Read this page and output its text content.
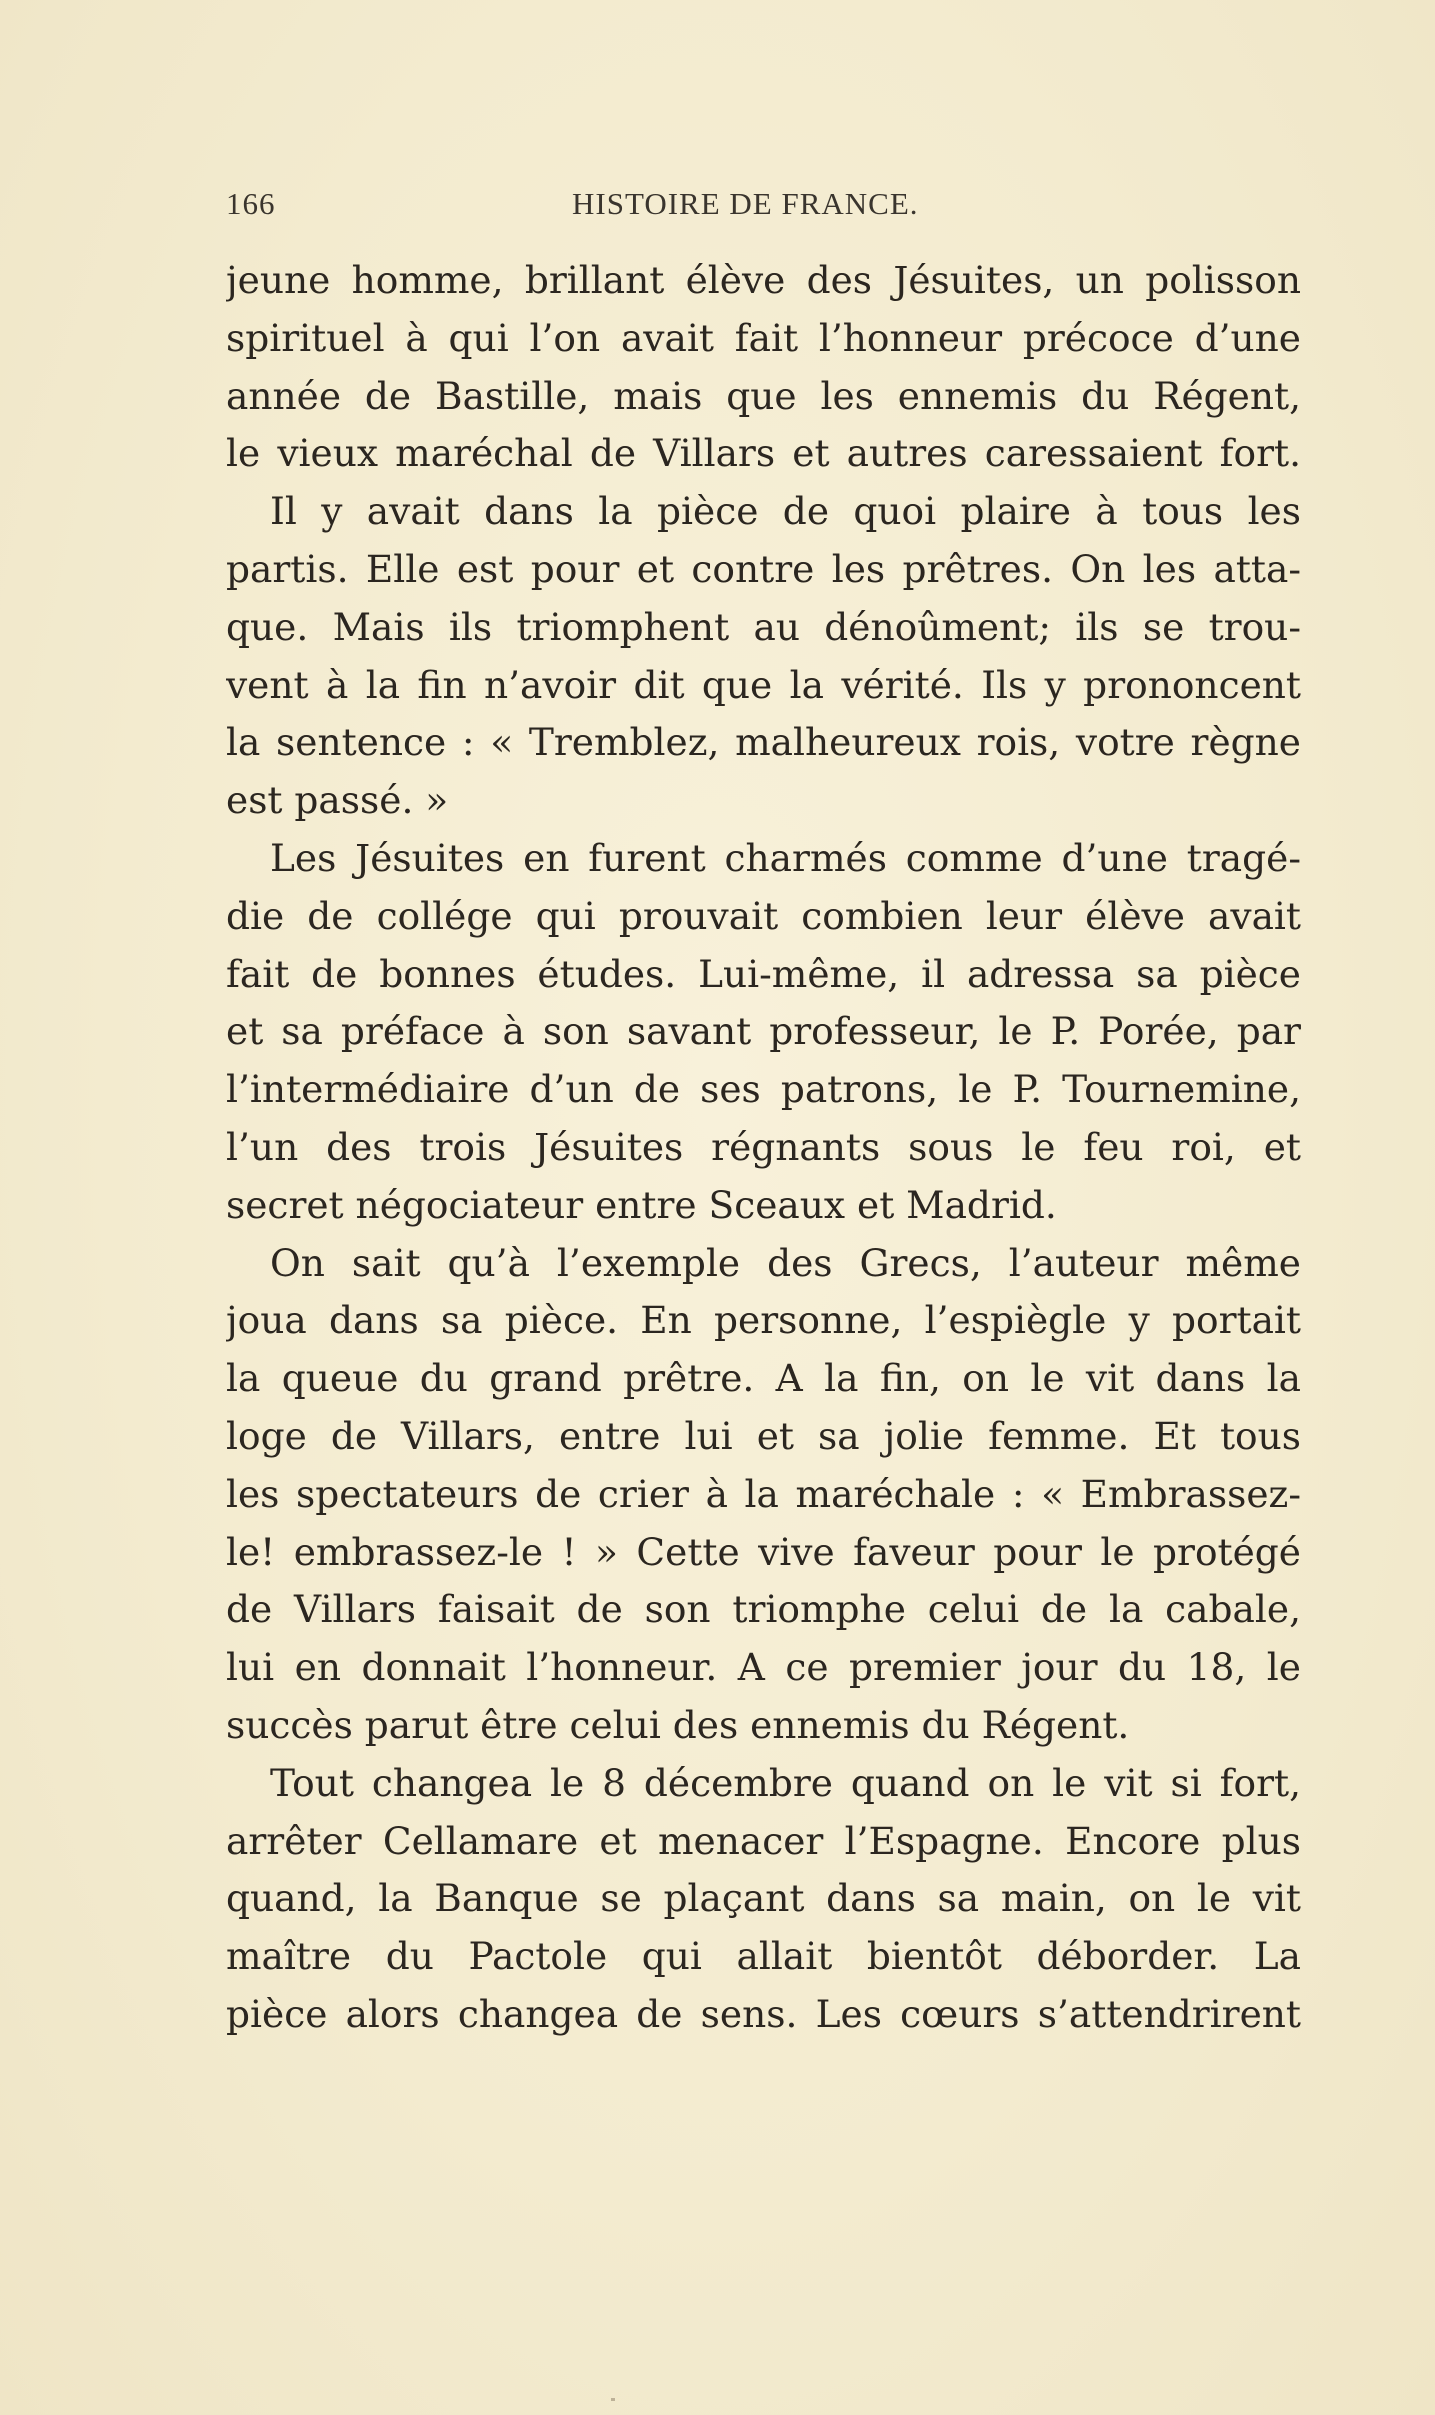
166	HISTOIRE DE FRANCE.
jeune homme, brillant élève des Jésuites, un polisson
spirituel à qui l’on avait fait l’honneur précoce d’une
année de Bastille, mais que les ennemis du Régent,
le vieux maréchal de Villars et autres caressaient fort.
Il y avait dans la pièce de quoi plaire à tous les
partis. Elle est pour et contre les prêtres. On les atta-
que. Mais ils triomphent au dénoûment; ils se trou-
vent à la fin n’avoir dit que la vérité. Ils y prononcent
la sentence : « Tremblez, malheureux rois, votre règne
est passé. »
Les Jésuites en furent charmés comme d’une tragé-
die de collége qui prouvait combien leur élève avait
fait de bonnes études. Lui-même, il adressa sa pièce
et sa préface à son savant professeur, le P. Porée, par
l’intermédiaire d’un de ses patrons, le P. Tournemine,
l’un des trois Jésuites régnants sous le feu roi, et
secret négociateur entre Sceaux et Madrid.
On sait qu’à l’exemple des Grecs, l’auteur même
joua dans sa pièce. En personne, l’espiègle y portait
la queue du grand prêtre. A la fin, on le vit dans la
loge de Villars, entre lui et sa jolie femme. Et tous
les spectateurs de crier à la maréchale : « Embrassez-
le! embrassez-le ! » Cette vive faveur pour le protégé
de Villars faisait de son triomphe celui de la cabale,
lui en donnait l’honneur. A ce premier jour du 18, le
succès parut être celui des ennemis du Régent.
Tout changea le 8 décembre quand on le vit si fort,
arrêter Cellamare et menacer l’Espagne. Encore plus
quand, la Banque se plaçant dans sa main, on le vit
maître du Pactole qui allait bientôt déborder. La
pièce alors changea de sens. Les cœurs s’attendrirent
